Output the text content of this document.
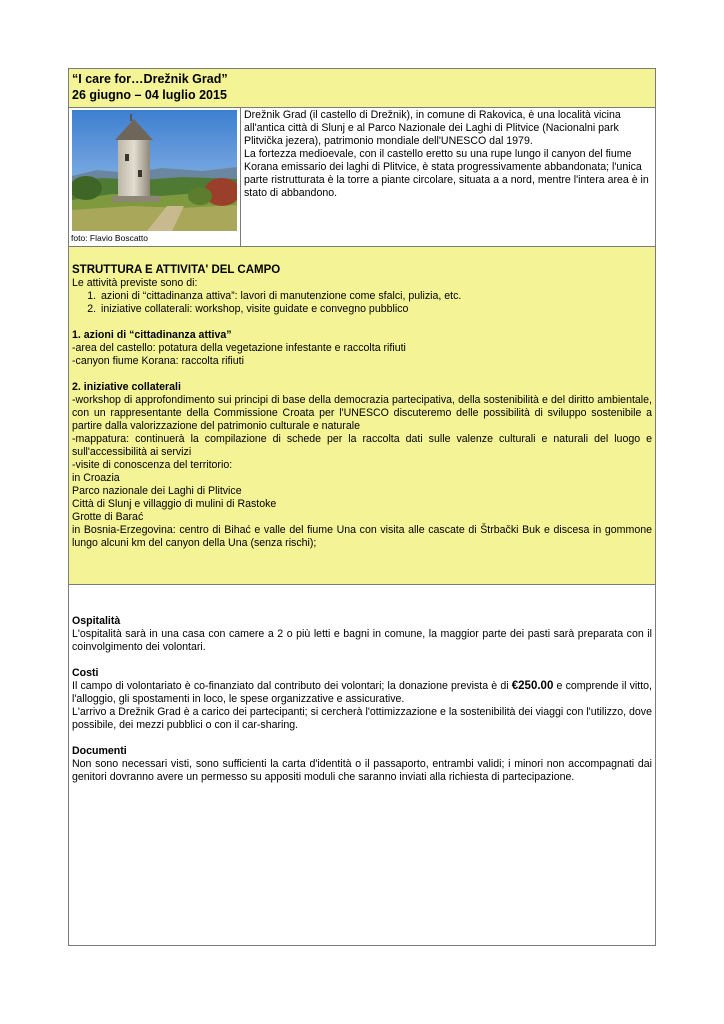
“I care for…Drežnik Grad”
26 giugno – 04 luglio 2015
foto: Flavio Boscatto

Drežnik Grad (il castello di Drežnik), in comune di Rakovica, è una località vicina all'antica città di Slunj e al Parco Nazionale dei Laghi di Plitvice (Nacionalni park Plitvička jezera), patrimonio mondiale dell'UNESCO dal 1979.

La fortezza medioevale, con il castello eretto su una rupe lungo il canyon del fiume Korana emissario dei laghi di Plitvice, è stata progressivamente abbandonata; l'unica parte ristrutturata è la torre a piante circolare, situata a a nord, mentre l'intera area è in stato di abbandono.

STRUTTURA E ATTIVITA' DEL CAMPO

Le attività previste sono di:

1. azioni di “cittadinanza attiva”: lavori di manutenzione come sfalci, pulizia, etc.
2. iniziative collaterali: workshop, visite guidate e convegno pubblico

1. azioni di “cittadinanza attiva”

-area del castello: potatura della vegetazione infestante e raccolta rifiuti

-canyon fiume Korana: raccolta rifiuti

2. iniziative collaterali

-workshop di approfondimento sui principi di base della democrazia partecipativa, della sostenibilità e del diritto ambientale, con un rappresentante della Commissione Croata per l'UNESCO discuteremo delle possibilità di sviluppo sostenibile a partire dalla valorizzazione del patrimonio culturale e naturale

-mappatura: continuerà la compilazione di schede per la raccolta dati sulle valenze culturali e naturali del luogo e sull'accessibilità ai servizi

-visite di conoscenza del territorio:

in Croazia

Parco nazionale dei Laghi di Plitvice

Città di Slunj e villaggio di mulini di Rastoke

Grotte di Barać

in Bosnia-Erzegovina: centro di Bihać e valle del fiume Una con visita alle cascate di Štrbački Buk e discesa in gommone lungo alcuni km del canyon della Una (senza rischi);

Ospitalità

L'ospitalità sarà in una casa con camere a 2 o più letti e bagni in comune, la maggior parte dei pasti sarà preparata con il coinvolgimento dei volontari.

Costi

Il campo di volontariato è co-finanziato dal contributo dei volontari; la donazione prevista è di €250.00 e comprende il vitto, l'alloggio, gli spostamenti in loco, le spese organizzative e assicurative.

L'arrivo a Drežnik Grad è a carico dei partecipanti; si cercherà l'ottimizzazione e la sostenibilità dei viaggi con l'utilizzo, dove possibile, dei mezzi pubblici o con il car-sharing.

Documenti

Non sono necessari visti, sono sufficienti la carta d'identità o il passaporto, entrambi validi; i minori non accompagnati dai genitori dovranno avere un permesso su appositi moduli che saranno inviati alla richiesta di partecipazione.
